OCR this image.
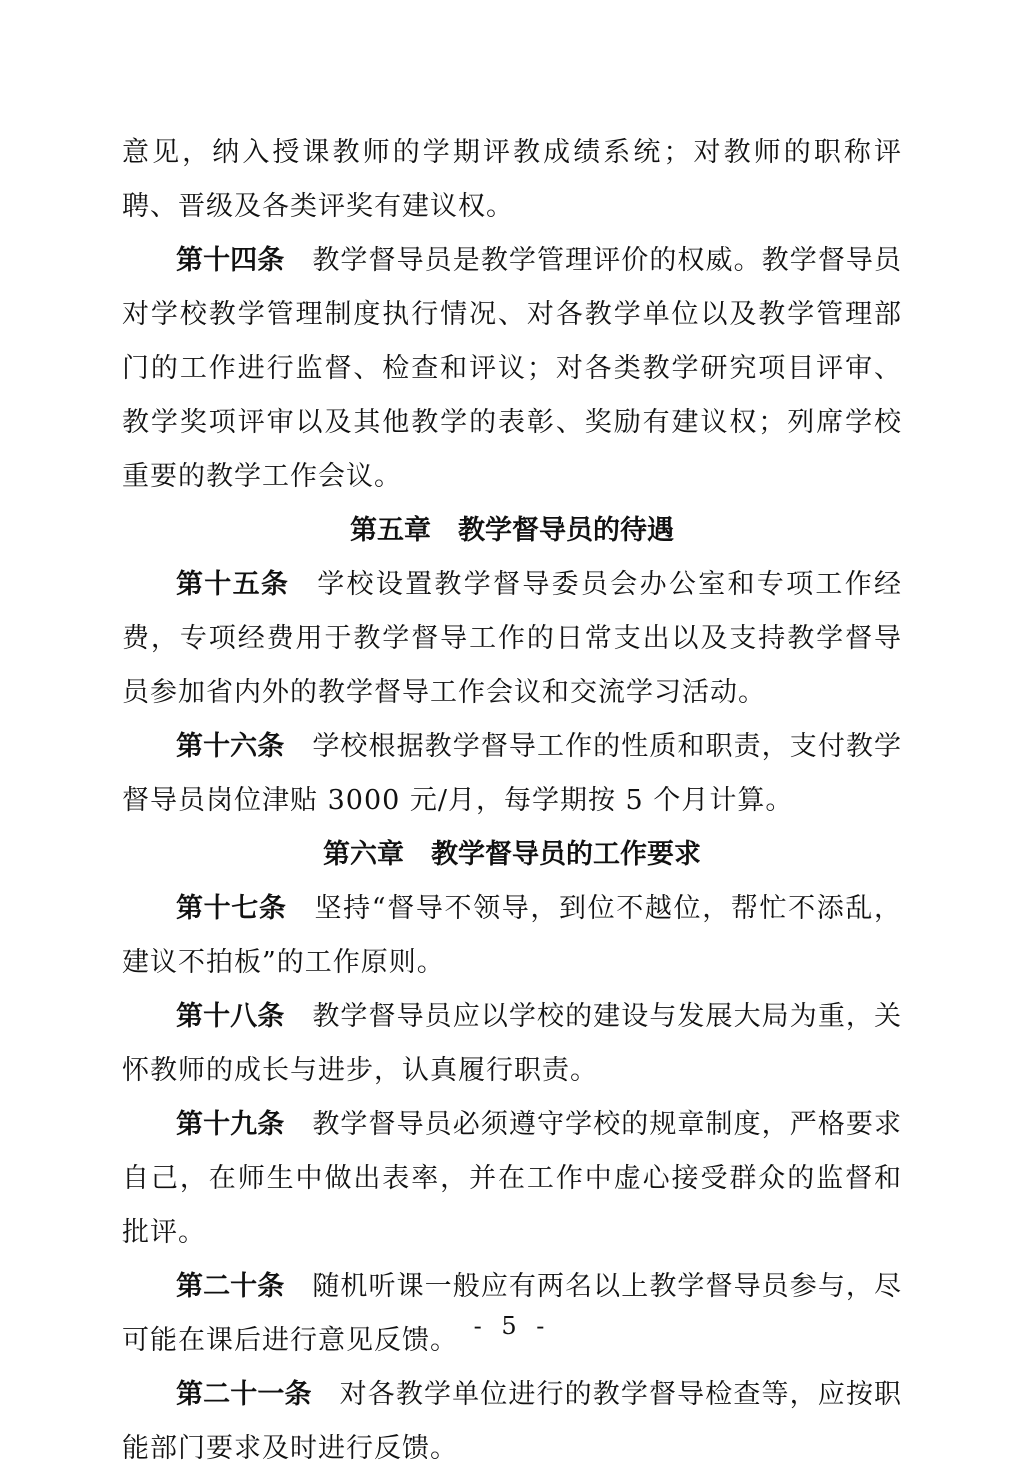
意见，纳入授课教师的学期评教成绩系统；对教师的职称评聘、晋级及各类评奖有建议权。

第十四条 教学督导员是教学管理评价的权威。教学督导员对学校教学管理制度执行情况、对各教学单位以及教学管理部门的工作进行监督、检查和评议；对各类教学研究项目评审、教学奖项评审以及其他教学的表彰、奖励有建议权；列席学校重要的教学工作会议。

第五章　教学督导员的待遇

第十五条 学校设置教学督导委员会办公室和专项工作经费，专项经费用于教学督导工作的日常支出以及支持教学督导员参加省内外的教学督导工作会议和交流学习活动。

第十六条 学校根据教学督导工作的性质和职责，支付教学督导员岗位津贴 3000 元/月，每学期按 5 个月计算。

第六章　教学督导员的工作要求

第十七条 坚持“督导不领导，到位不越位，帮忙不添乱，建议不拍板”的工作原则。

第十八条 教学督导员应以学校的建设与发展大局为重，关怀教师的成长与进步，认真履行职责。

第十九条 教学督导员必须遵守学校的规章制度，严格要求自己，在师生中做出表率，并在工作中虚心接受群众的监督和批评。

第二十条 随机听课一般应有两名以上教学督导员参与，尽可能在课后进行意见反馈。

第二十一条 对各教学单位进行的教学督导检查等，应按职能部门要求及时进行反馈。

- 5 -
